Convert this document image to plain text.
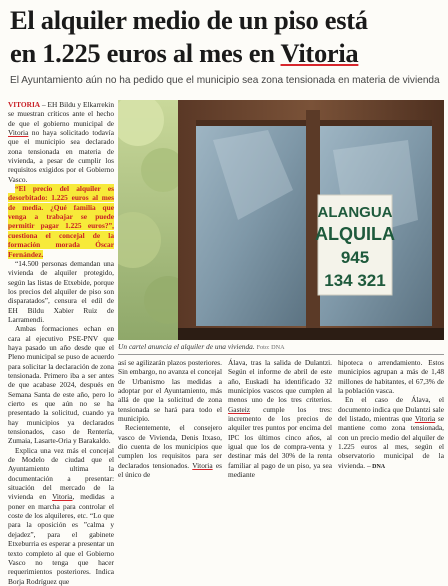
El alquiler medio de un piso está
en 1.225 euros al mes en Vitoria
El Ayuntamiento aún no ha pedido que el municipio sea zona tensionada en materia de vivienda

VITORIA – EH Bildu y Elkarrekin se muestran críticos ante el hecho de que el gobierno municipal de Vitoria no haya solicitado todavía que el municipio sea declarado zona tensionada en materia de vivienda, a pesar de cumplir los requisitos exigidos por el Gobierno Vasco.

“El precio del alquiler es desorbitado: 1.225 euros al mes de media. ¿Qué familia que venga a trabajar se puede permitir pagar 1.225 euros?”, cuestiona el concejal de la formación morada Óscar Fernández.

“14.500 personas demandan una vivienda de alquiler protegido, según las listas de Etxebide, porque los precios del alquiler de piso son disparatados”, censura el edil de EH Bildu Xabier Ruiz de Larramendi.

Ambas formaciones echan en cara al ejecutivo PSE-PNV que haya pasado un año desde que el Pleno municipal se puso de acuerdo para solicitar la declaración de zona tensionada. Primero iba a ser antes de que acabase 2024, después en Semana Santa de este año, pero lo cierto es que aún no se ha presentado la solicitud, cuando ya hay municipios ya declarados tensionados, caso de Rentería, Zumaia, Lasarte-Oria y Barakaldo.

Explica una vez más el concejal de Modelo de ciudad que el Ayuntamiento ultima la documentación a presentar: situación del mercado de la vivienda en Vitoria, medidas a poner en marcha para controlar el coste de los alquileres, etc. “Lo que para la oposición es ”calma y dejadez”, para el gabinete Etxeburria es esperar a presentar un texto completo al que el Gobierno Vasco no tenga que hacer requerimientos posteriores. Indica Borja Rodríguez que

ALANGUA
ALQUILA
945
134 321
Un cartel anuncia el alquiler de una vivienda. Foto: DNA

así se agilizarán plazos posteriores. Sin embargo, no avanza el concejal de Urbanismo las medidas a adoptar por el Ayuntamiento, más allá de que la solicitud de zona tensionada se hará para todo el municipio.

Recientemente, el consejero vasco de Vivienda, Denis Itxaso, dio cuenta de los municipios que cumplen los requisitos para ser declarados tensionados. Vitoria es el único de

Álava, tras la salida de Dulantzi. Según el informe de abril de este año, Euskadi ha identificado 32 municipios vascos que cumplen al menos uno de los tres criterios. Gasteiz cumple los tres: incremento de los precios de alquiler tres puntos por encima del IPC los últimos cinco años, al igual que los de compra-venta y destinar más del 30% de la renta familiar al pago de un piso, ya sea mediante

hipoteca o arrendamiento. Estos municipios agrupan a más de 1,48 millones de habitantes, el 67,3% de la población vasca.

En el caso de Álava, el documento indica que Dulantzi sale del listado, mientras que Vitoria se mantiene como zona tensionada, con un precio medio del alquiler de 1.225 euros al mes, según el observatorio municipal de la vivienda. – DNA
